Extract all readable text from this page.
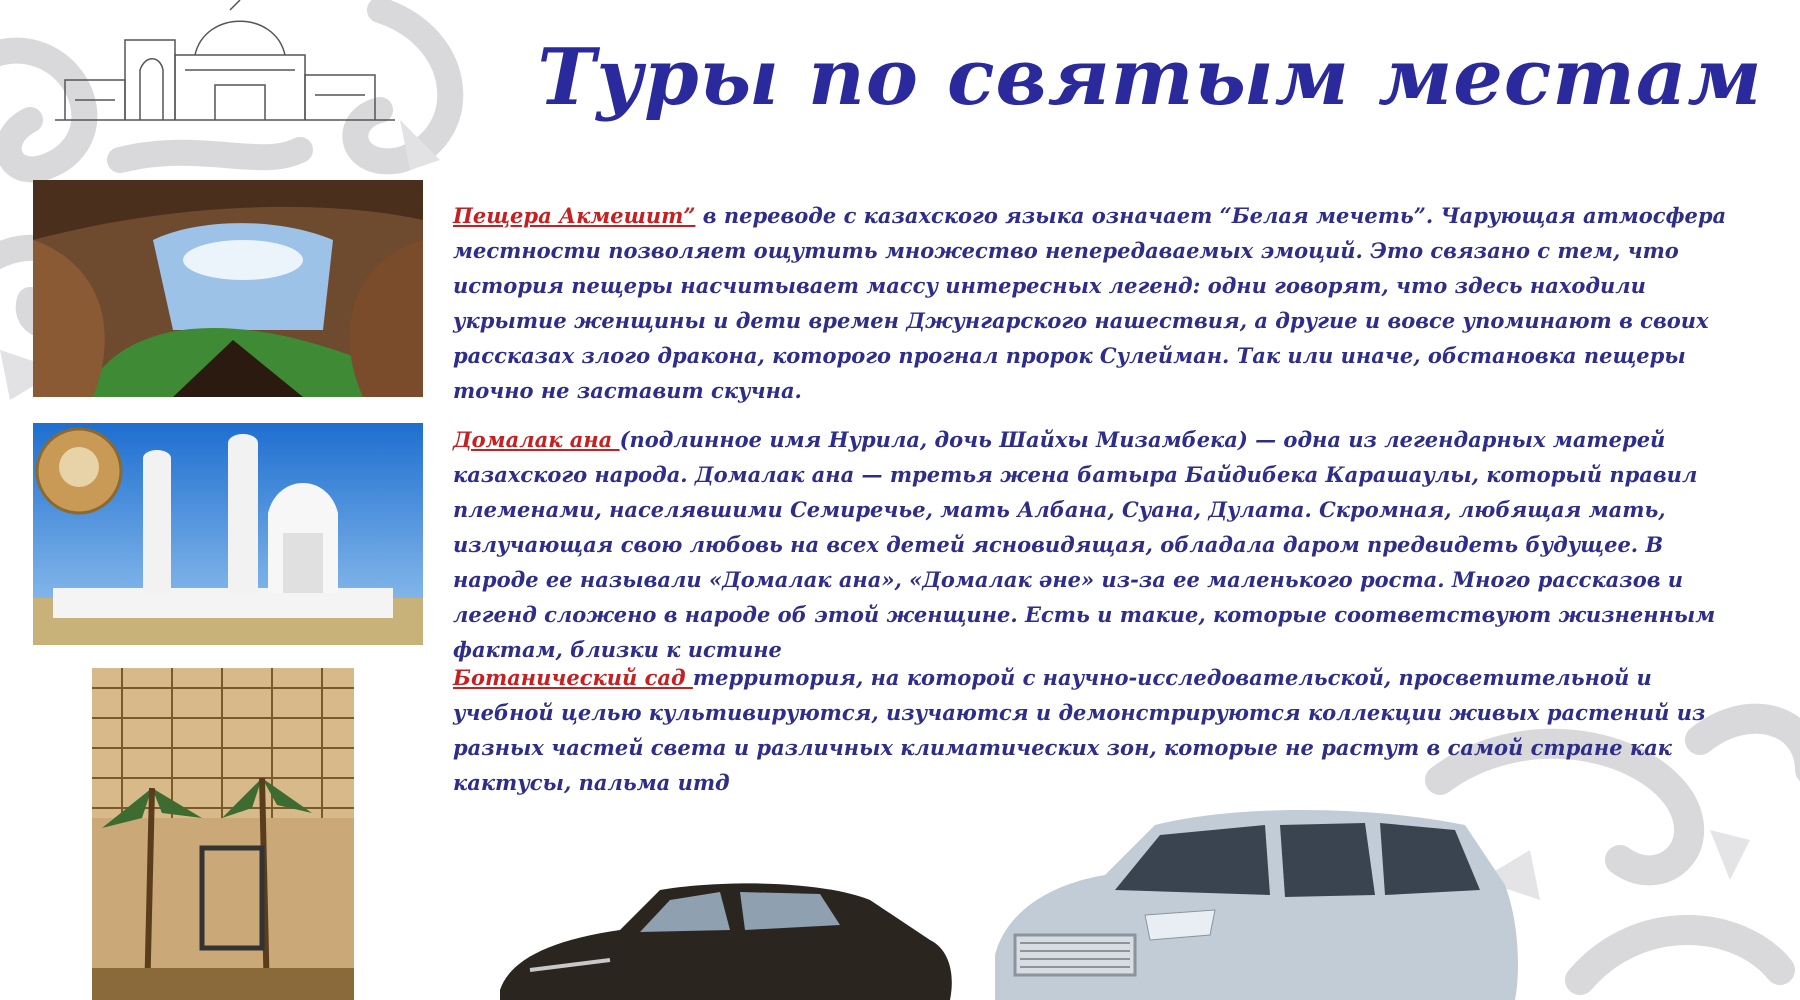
Туры по святым местам

Пещера Акмешит” в переводе с казахского языка означает “Белая мечеть”. Чарующая атмосфера местности позволяет ощутить множество непередаваемых эмоций. Это связано с тем, что история пещеры насчитывает массу интересных легенд: одни говорят, что здесь находили укрытие женщины и дети времен Джунгарского нашествия, а другие и вовсе упоминают в своих рассказах злого дракона, которого прогнал пророк Сулейман. Так или иначе, обстановка пещеры точно не заставит скучна.

Домалак ана (подлинное имя Нурила, дочь Шайхы Мизамбека) — одна из легендарных матерей казахского народа. Домалак ана — третья жена батыра Байдибека Карашаулы, который правил племенами, населявшими Семиречье, мать Албана, Суана, Дулата. Скромная, любящая мать, излучающая свою любовь на всех детей ясновидящая, обладала даром предвидеть будущее. В народе ее называли «Домалак ана», «Домалак әне» из-за ее маленького роста. Много рассказов и легенд сложено в народе об этой женщине. Есть и такие, которые соответствуют жизненным фактам, близки к истине

Ботанический сад территория, на которой с научно-исследовательской, просветительной и учебной целью культивируются, изучаются и демонстрируются коллекции живых растений из разных частей света и различных климатических зон, которые не растут в самой стране как кактусы, пальма итд
